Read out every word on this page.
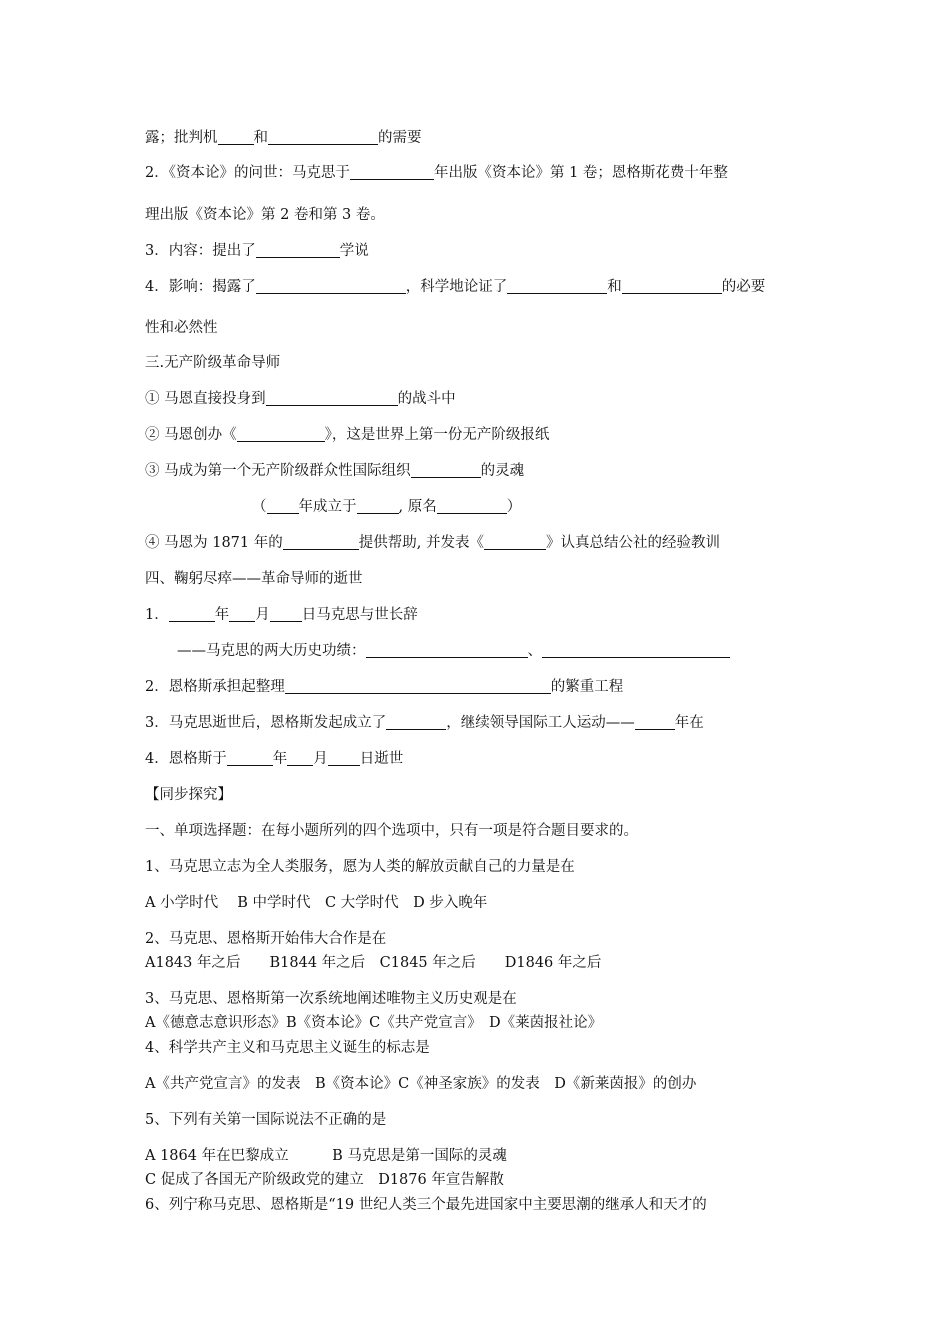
露；批判机 和	的需要
2．《资本论》的问世：马克思于	年出版《资本论》第 1 卷；恩格斯花费十年整
理出版《资本论》第 2 卷和第 3 卷。
3．内容：提出了	学说
4．影响：揭露了	，科学地论证了	和	的必要
性和必然性
三.无产阶级革命导师
① 马恩直接投身到	的战斗中
② 马恩创办《	》，这是世界上第一份无产阶级报纸
③ 马成为第一个无产阶级群众性国际组织	的灵魂
（ 年成立于	, 原名	）
④ 马恩为 1871 年的	提供帮助, 并发表《	》认真总结公社的经验教训
四、鞠躬尽瘁——革命导师的逝世
1．	年 月 日马克思与世长辞
——马克思的两大历史功绩：	、
2．恩格斯承担起整理	的繁重工程
3．马克思逝世后，恩格斯发起成立了	，继续领导国际工人运动——	年在
4．恩格斯于	年 月 日逝世
【同步探究】
一、单项选择题：在每小题所列的四个选项中，只有一项是符合题目要求的。
1、马克思立志为全人类服务，愿为人类的解放贡献自己的力量是在
A 小学时代　 B 中学时代　C 大学时代　D 步入晚年
2、马克思、恩格斯开始伟大合作是在
A1843 年之后　　B1844 年之后　C1845 年之后　　D1846 年之后
3、马克思、恩格斯第一次系统地阐述唯物主义历史观是在
A《德意志意识形态》B《资本论》C《共产党宣言》　D《莱茵报社论》
4、科学共产主义和马克思主义诞生的标志是
A《共产党宣言》的发表　B《资本论》C《神圣家族》的发表　D《新莱茵报》的创办
5、下列有关第一国际说法不正确的是
A 1864 年在巴黎成立　　　B 马克思是第一国际的灵魂
C 促成了各国无产阶级政党的建立　D1876 年宣告解散
6、列宁称马克思、恩格斯是“19 世纪人类三个最先进国家中主要思潮的继承人和天才的
